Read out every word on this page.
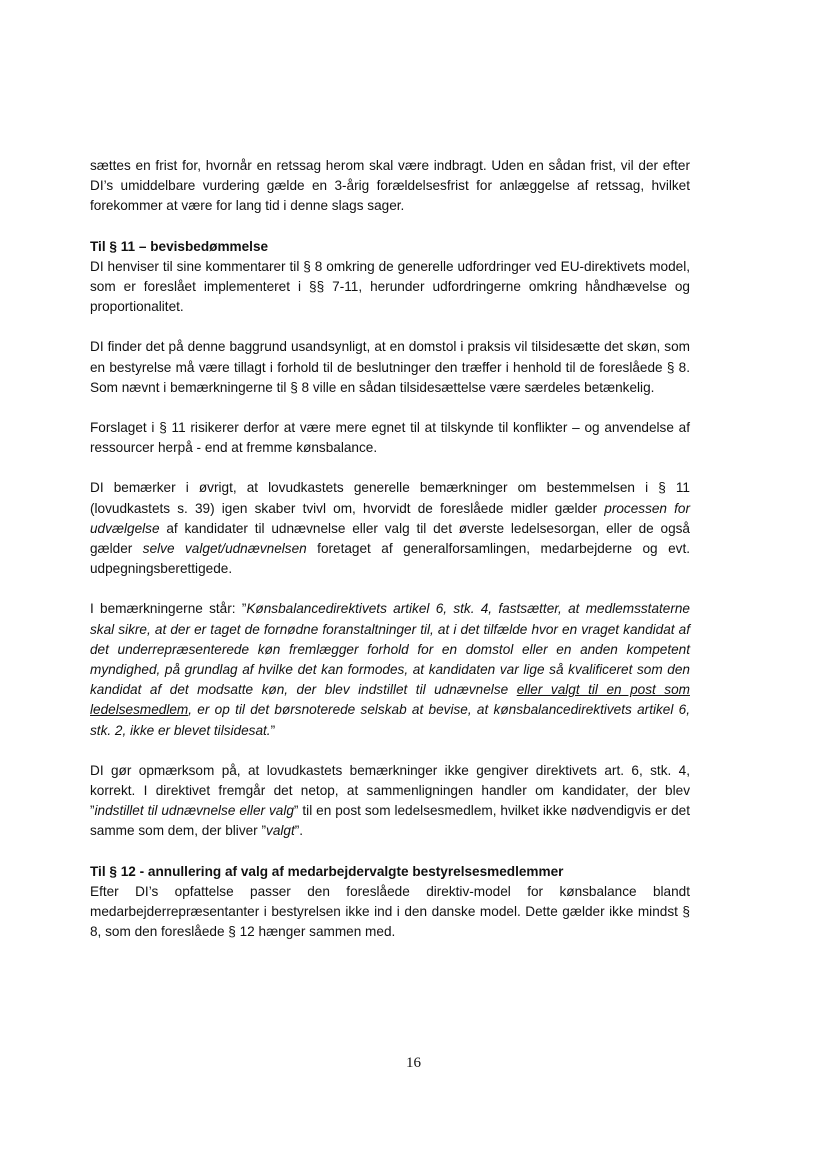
sættes en frist for, hvornår en retssag herom skal være indbragt. Uden en sådan frist, vil der efter DI’s umiddelbare vurdering gælde en 3-årig forældelsesfrist for anlæggelse af retssag, hvilket forekommer at være for lang tid i denne slags sager.

Til § 11 – bevisbedømmelse

DI henviser til sine kommentarer til § 8 omkring de generelle udfordringer ved EU-direktivets model, som er foreslået implementeret i §§ 7-11, herunder udfordringerne omkring håndhævelse og proportionalitet.

DI finder det på denne baggrund usandsynligt, at en domstol i praksis vil tilsidesætte det skøn, som en bestyrelse må være tillagt i forhold til de beslutninger den træffer i henhold til de foreslåede § 8. Som nævnt i bemærkningerne til § 8 ville en sådan tilsidesættelse være særdeles betænkelig.

Forslaget i § 11 risikerer derfor at være mere egnet til at tilskynde til konflikter – og anvendelse af ressourcer herpå - end at fremme kønsbalance.

DI bemærker i øvrigt, at lovudkastets generelle bemærkninger om bestemmelsen i § 11 (lovudkastets s. 39) igen skaber tvivl om, hvorvidt de foreslåede midler gælder processen for udvælgelse af kandidater til udnævnelse eller valg til det øverste ledelsesorgan, eller de også gælder selve valget/udnævnelsen foretaget af generalforsamlingen, medarbejderne og evt. udpegningsberettigede.

I bemærkningerne står: ”Kønsbalancedirektivets artikel 6, stk. 4, fastsætter, at medlemsstaterne skal sikre, at der er taget de fornødne foranstaltninger til, at i det tilfælde hvor en vraget kandidat af det underrepræsenterede køn fremlægger forhold for en domstol eller en anden kompetent myndighed, på grundlag af hvilke det kan formodes, at kandidaten var lige så kvalificeret som den kandidat af det modsatte køn, der blev indstillet til udnævnelse eller valgt til en post som ledelsesmedlem, er op til det børsnoterede selskab at bevise, at kønsbalancedirektivets artikel 6, stk. 2, ikke er blevet tilsidesat.”

DI gør opmærksom på, at lovudkastets bemærkninger ikke gengiver direktivets art. 6, stk. 4, korrekt. I direktivet fremgår det netop, at sammenligningen handler om kandidater, der blev ”indstillet til udnævnelse eller valg” til en post som ledelsesmedlem, hvilket ikke nødvendigvis er det samme som dem, der bliver ”valgt”.

Til § 12 - annullering af valg af medarbejdervalgte bestyrelsesmedlemmer

Efter DI’s opfattelse passer den foreslåede direktiv-model for kønsbalance blandt medarbejderrepræsentanter i bestyrelsen ikke ind i den danske model. Dette gælder ikke mindst § 8, som den foreslåede § 12 hænger sammen med.

16
